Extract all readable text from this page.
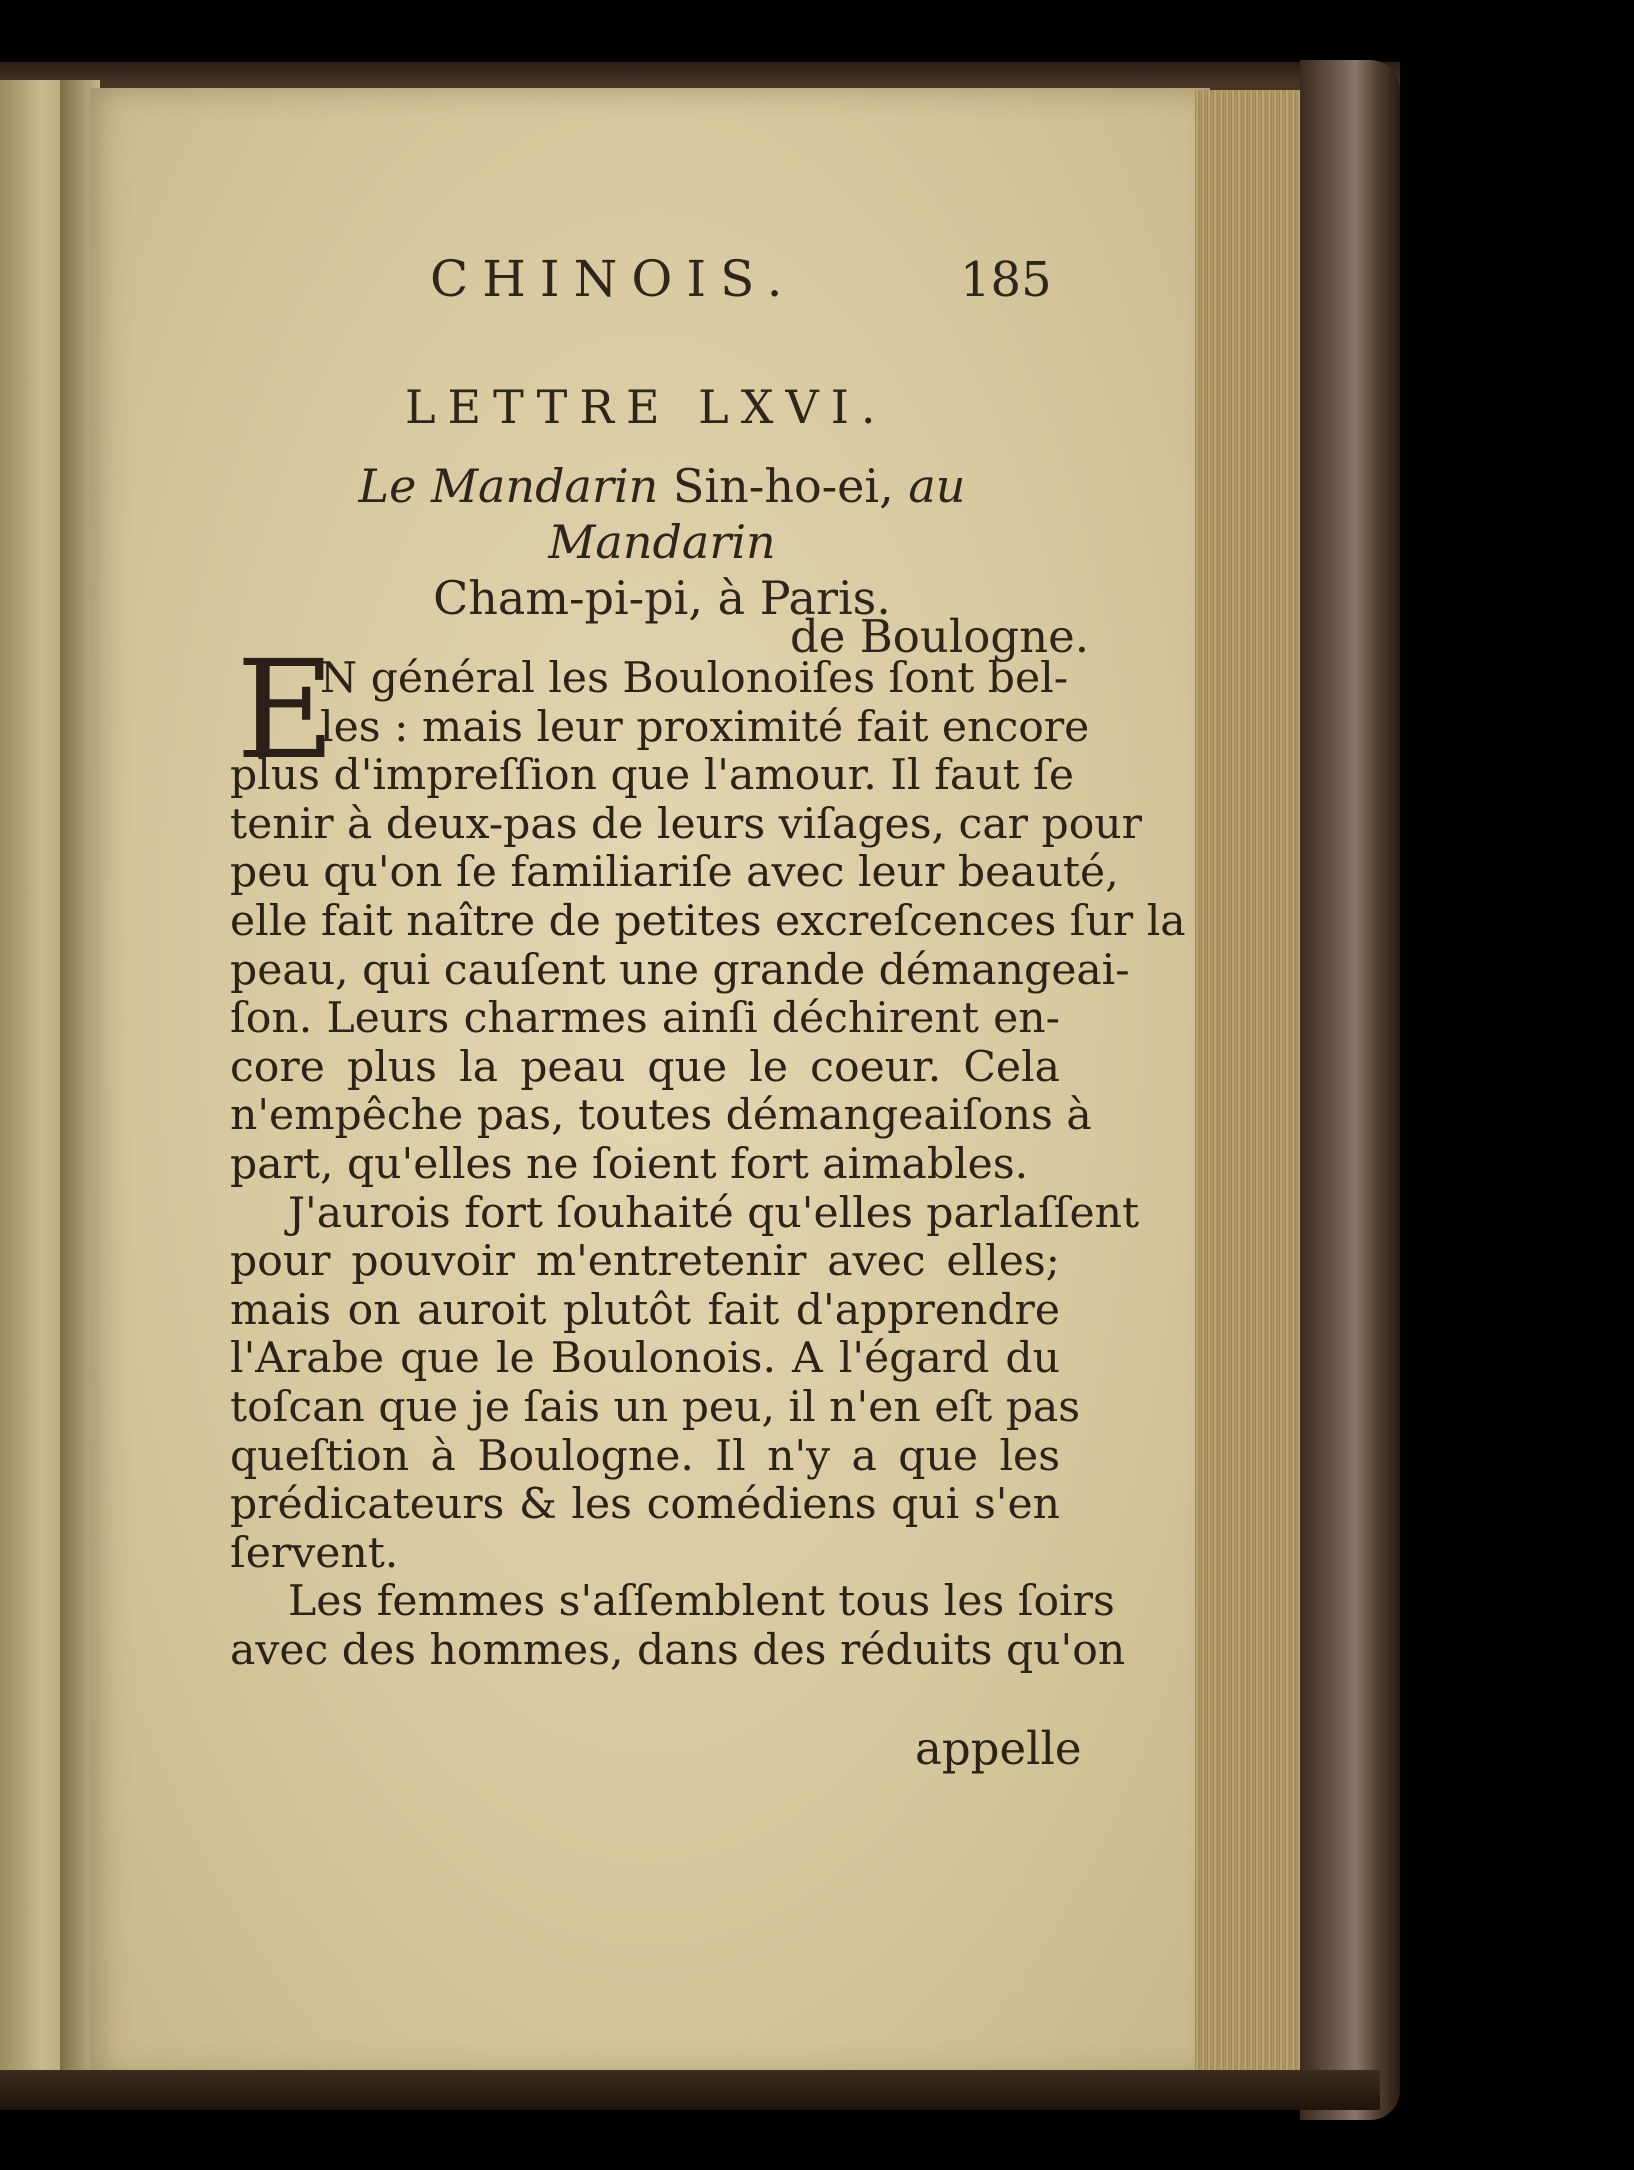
CHINOIS.	185
LETTRE LXVI.
Le Mandarin Sin-ho-ei, au Mandarin
Cham-pi-pi, à Paris.
de Boulogne.
E
N général les Boulonoiſes ſont bel-
les : mais leur proximité fait encore
plus d'impreſſion que l'amour. Il faut ſe
tenir à deux-pas de leurs viſages, car pour
peu qu'on ſe familiariſe avec leur beauté,
elle fait naître de petites excreſcences ſur la
peau, qui cauſent une grande démangeai-
ſon. Leurs charmes ainſi déchirent en-
core plus la peau que le coeur. Cela
n'empêche pas, toutes démangeaiſons à
part, qu'elles ne ſoient fort aimables.
J'aurois fort ſouhaité qu'elles parlaſſent
pour pouvoir m'entretenir avec elles;
mais on auroit plutôt fait d'apprendre
l'Arabe que le Boulonois. A l'égard du
toſcan que je ſais un peu, il n'en eſt pas
queſtion à Boulogne. Il n'y a que les
prédicateurs & les comédiens qui s'en
ſervent.
Les femmes s'aſſemblent tous les ſoirs
avec des hommes, dans des réduits qu'on
appelle
